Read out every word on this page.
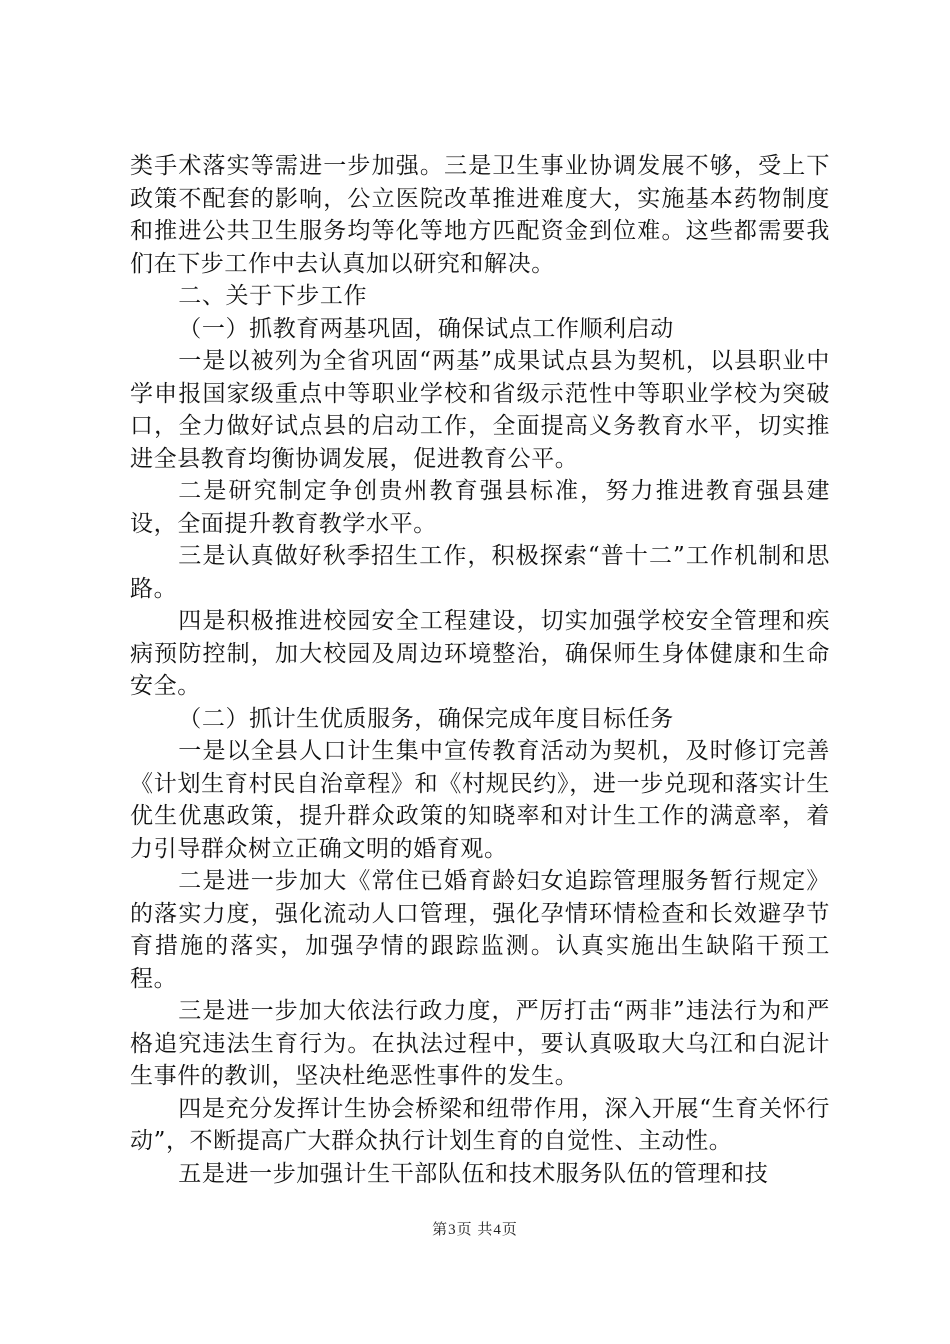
类手术落实等需进一步加强。三是卫生事业协调发展不够，受上下政策不配套的影响，公立医院改革推进难度大，实施基本药物制度和推进公共卫生服务均等化等地方匹配资金到位难。这些都需要我们在下步工作中去认真加以研究和解决。

二、关于下步工作

（一）抓教育两基巩固，确保试点工作顺利启动

一是以被列为全省巩固“两基”成果试点县为契机，以县职业中学申报国家级重点中等职业学校和省级示范性中等职业学校为突破口，全力做好试点县的启动工作，全面提高义务教育水平，切实推进全县教育均衡协调发展，促进教育公平。

二是研究制定争创贵州教育强县标准，努力推进教育强县建设，全面提升教育教学水平。

三是认真做好秋季招生工作，积极探索“普十二”工作机制和思路。

四是积极推进校园安全工程建设，切实加强学校安全管理和疾病预防控制，加大校园及周边环境整治，确保师生身体健康和生命安全。

（二）抓计生优质服务，确保完成年度目标任务

一是以全县人口计生集中宣传教育活动为契机，及时修订完善《计划生育村民自治章程》和《村规民约》，进一步兑现和落实计生优生优惠政策，提升群众政策的知晓率和对计生工作的满意率，着力引导群众树立正确文明的婚育观。

二是进一步加大《常住已婚育龄妇女追踪管理服务暂行规定》的落实力度，强化流动人口管理，强化孕情环情检查和长效避孕节育措施的落实，加强孕情的跟踪监测。认真实施出生缺陷干预工程。

三是进一步加大依法行政力度，严厉打击“两非”违法行为和严格追究违法生育行为。在执法过程中，要认真吸取大乌江和白泥计生事件的教训，坚决杜绝恶性事件的发生。

四是充分发挥计生协会桥梁和纽带作用，深入开展“生育关怀行动”，不断提高广大群众执行计划生育的自觉性、主动性。

五是进一步加强计生干部队伍和技术服务队伍的管理和技

第3页 共4页
